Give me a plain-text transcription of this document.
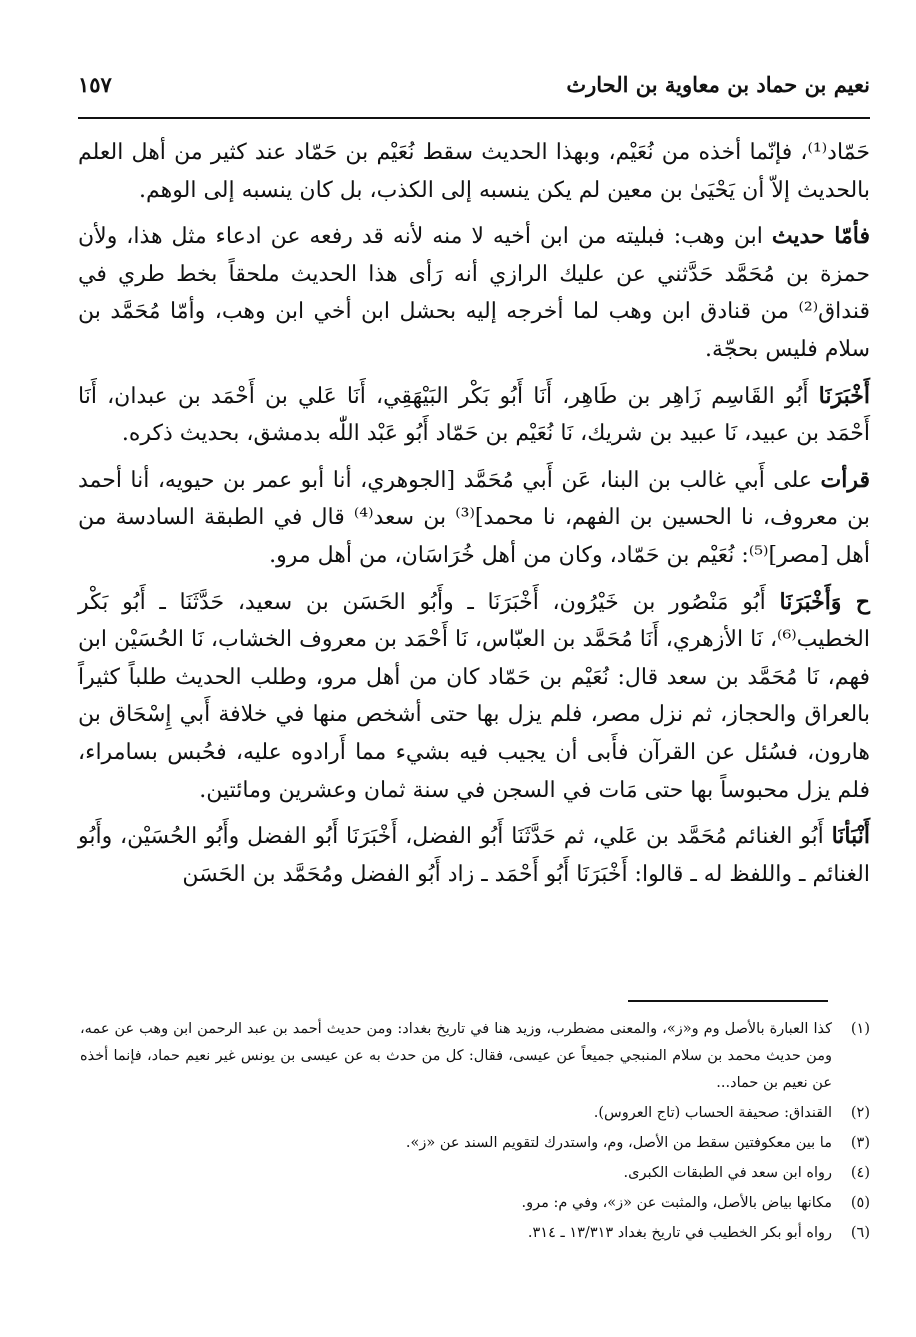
نعيم بن حماد بن معاوية بن الحارث
١٥٧

حَمّاد⁽¹⁾، فإنّما أخذه من نُعَيْم، وبهذا الحديث سقط نُعَيْم بن حَمّاد عند كثير من أهل العلم بالحديث إلاّ أن يَحْيَىٰ بن معين لم يكن ينسبه إلى الكذب، بل كان ينسبه إلى الوهم.

فأمّا حديث ابن وهب: فبليته من ابن أخيه لا منه لأنه قد رفعه عن ادعاء مثل هذا، ولأن حمزة بن مُحَمَّد حَدَّثني عن عليك الرازي أنه رَأى هذا الحديث ملحقاً بخط طري في قنداق⁽²⁾ من قنادق ابن وهب لما أخرجه إليه بحشل ابن أخي ابن وهب، وأمّا مُحَمَّد بن سلام فليس بحجّة.

أَخْبَرَنَا أَبُو القَاسِم زَاهِر بن طَاهِر، أَنَا أَبُو بَكْر البَيْهَقِي، أَنَا عَلي بن أَحْمَد بن عبدان، أَنَا أَحْمَد بن عبيد، نَا عبيد بن شريك، نَا نُعَيْم بن حَمّاد أَبُو عَبْد اللّٰه بدمشق، بحديث ذكره.

قرأت على أَبي غالب بن البنا، عَن أَبي مُحَمَّد [الجوهري، أنا أبو عمر بن حيويه، أنا أحمد بن معروف، نا الحسين بن الفهم، نا محمد]⁽³⁾ بن سعد⁽⁴⁾ قال في الطبقة السادسة من أهل [مصر]⁽⁵⁾: نُعَيْم بن حَمّاد، وكان من أهل خُرَاسَان، من أهل مرو.

ح وَأَخْبَرَنَا أَبُو مَنْصُور بن خَيْرُون، أَخْبَرَنَا ـ وأَبُو الحَسَن بن سعيد، حَدَّثَنَا ـ أَبُو بَكْر الخطيب⁽⁶⁾، نَا الأزهري، أَنَا مُحَمَّد بن العبّاس، نَا أَحْمَد بن معروف الخشاب، نَا الحُسَيْن ابن فهم، نَا مُحَمَّد بن سعد قال: نُعَيْم بن حَمّاد كان من أهل مرو، وطلب الحديث طلباً كثيراً بالعراق والحجاز، ثم نزل مصر، فلم يزل بها حتى أشخص منها في خلافة أَبي إِسْحَاق بن هارون، فسُئل عن القرآن فأَبى أن يجيب فيه بشيء مما أَرادوه عليه، فحُبس بسامراء، فلم يزل محبوساً بها حتى مَات في السجن في سنة ثمان وعشرين ومائتين.

أَنْبَأنَا أَبُو الغنائم مُحَمَّد بن عَلي، ثم حَدَّثَنَا أَبُو الفضل، أَخْبَرَنَا أَبُو الفضل وأَبُو الحُسَيْن، وأَبُو الغنائم ـ واللفظ له ـ قالوا: أَخْبَرَنَا أَبُو أَحْمَد ـ زاد أَبُو الفضل ومُحَمَّد بن الحَسَن

(١)
كذا العبارة بالأصل وم و«ز»، والمعنى مضطرب، وزيد هنا في تاريخ بغداد: ومن حديث أحمد بن عبد الرحمن ابن وهب عن عمه، ومن حديث محمد بن سلام المنبجي جميعاً عن عيسى، فقال: كل من حدث به عن عيسى بن يونس غير نعيم حماد، فإنما أخذه عن نعيم بن حماد...
(٢)
القنداق: صحيفة الحساب (تاج العروس).
(٣)
ما بين معكوفتين سقط من الأصل، وم، واستدرك لتقويم السند عن «ز».
(٤)
رواه ابن سعد في الطبقات الكبرى.
(٥)
مكانها بياض بالأصل، والمثبت عن «ز»، وفي م: مرو.
(٦)
رواه أبو بكر الخطيب في تاريخ بغداد ١٣/٣١٣ ـ ٣١٤.
